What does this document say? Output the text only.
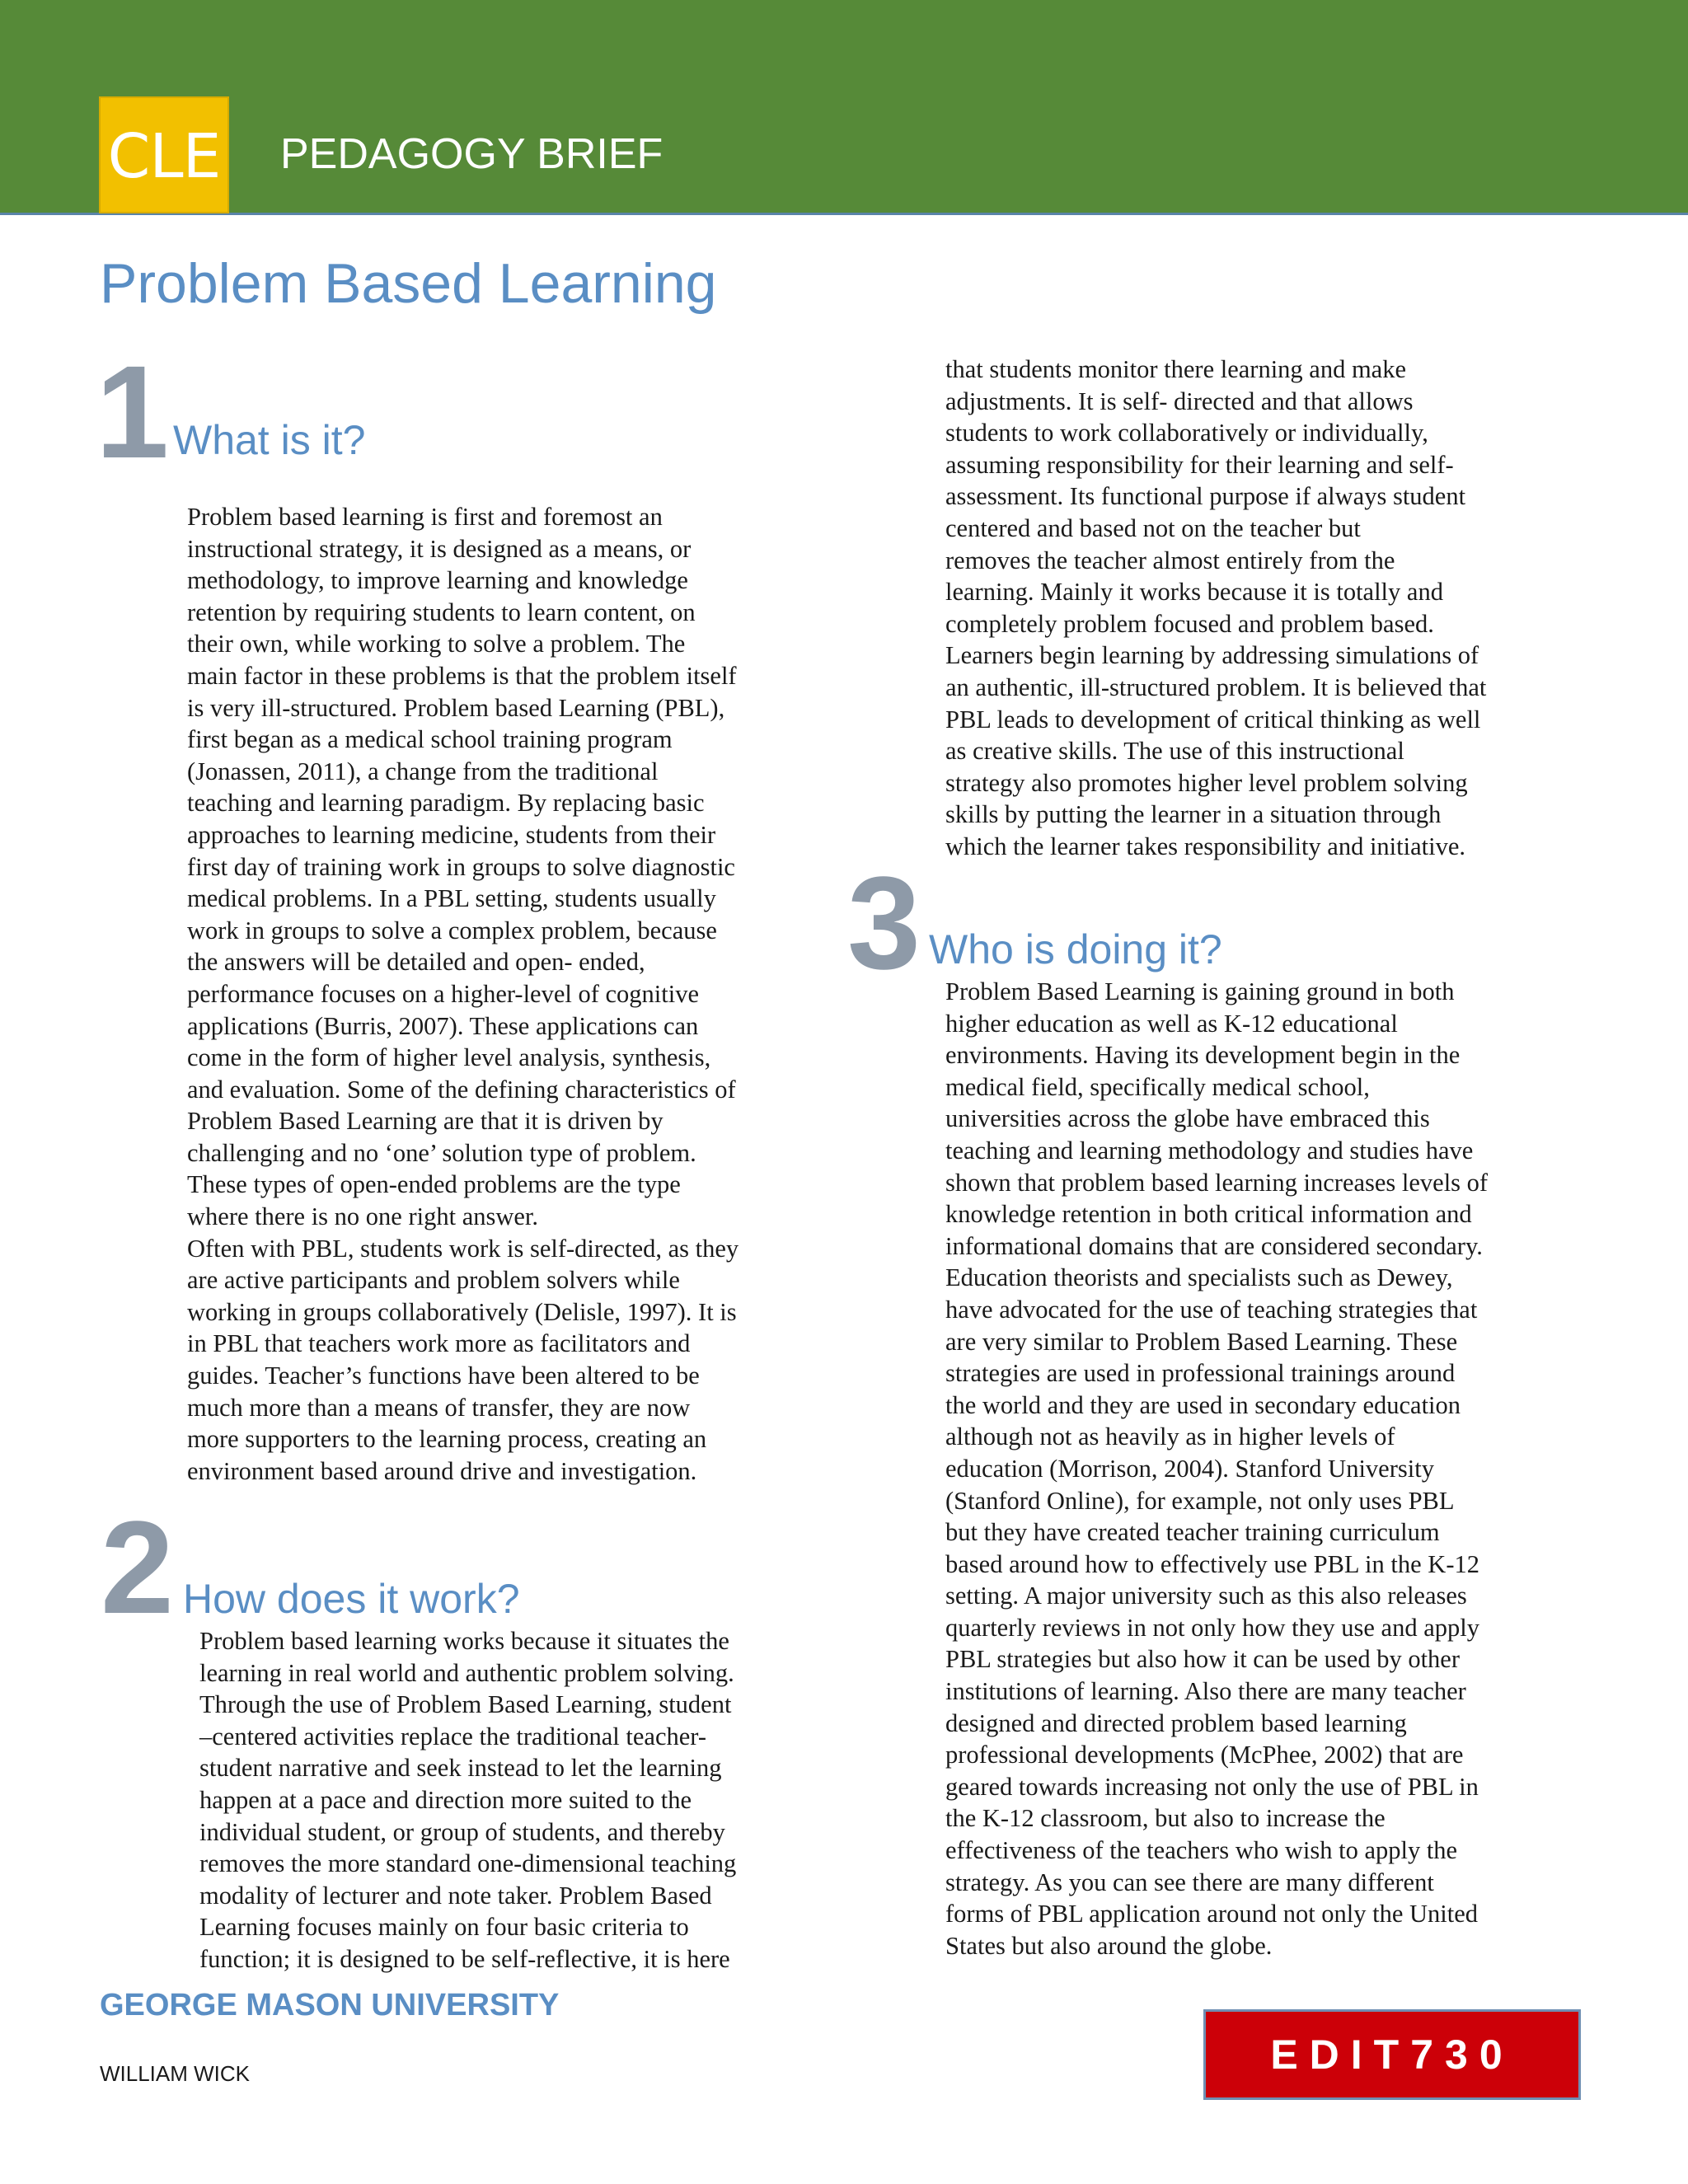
CLE PEDAGOGY BRIEF
Problem Based Learning
1 What is it?

Problem based learning is first and foremost an

instructional strategy, it is designed as a means, or

methodology, to improve learning and knowledge

retention by requiring students to learn content, on

their own, while working to solve a problem. The

main factor in these problems is that the problem itself

is very ill-structured. Problem based Learning (PBL),

first began as a medical school training program

(Jonassen, 2011), a change from the traditional

teaching and learning paradigm. By replacing basic

approaches to learning medicine, students from their

first day of training work in groups to solve diagnostic

medical problems. In a PBL setting, students usually

work in groups to solve a complex problem, because

the answers will be detailed and open- ended,

performance focuses on a higher-level of cognitive

applications (Burris, 2007). These applications can

come in the form of higher level analysis, synthesis,

and evaluation. Some of the defining characteristics of

Problem Based Learning are that it is driven by

challenging and no ‘one’ solution type of problem.

These types of open-ended problems are the type

where there is no one right answer.

Often with PBL, students work is self-directed, as they

are active participants and problem solvers while

working in groups collaboratively (Delisle, 1997). It is

in PBL that teachers work more as facilitators and

guides. Teacher’s functions have been altered to be

much more than a means of transfer, they are now

more supporters to the learning process, creating an

environment based around drive and investigation.

2 How does it work?

Problem based learning works because it situates the

learning in real world and authentic problem solving.

Through the use of Problem Based Learning, student

–centered activities replace the traditional teacher-

student narrative and seek instead to let the learning

happen at a pace and direction more suited to the

individual student, or group of students, and thereby

removes the more standard one-dimensional teaching

modality of lecturer and note taker. Problem Based

Learning focuses mainly on four basic criteria to

function; it is designed to be self-reflective, it is here

that students monitor there learning and make

adjustments. It is self- directed and that allows

students to work collaboratively or individually,

assuming responsibility for their learning and self-

assessment. Its functional purpose if always student

centered and based not on the teacher but

removes the teacher almost entirely from the

learning. Mainly it works because it is totally and

completely problem focused and problem based.

Learners begin learning by addressing simulations of

an authentic, ill-structured problem. It is believed that

PBL leads to development of critical thinking as well

as creative skills. The use of this instructional

strategy also promotes higher level problem solving

skills by putting the learner in a situation through

which the learner takes responsibility and initiative.

3 Who is doing it?

Problem Based Learning is gaining ground in both

higher education as well as K-12 educational

environments. Having its development begin in the

medical field, specifically medical school,

universities across the globe have embraced this

teaching and learning methodology and studies have

shown that problem based learning increases levels of

knowledge retention in both critical information and

informational domains that are considered secondary.

Education theorists and specialists such as Dewey,

have advocated for the use of teaching strategies that

are very similar to Problem Based Learning. These

strategies are used in professional trainings around

the world and they are used in secondary education

although not as heavily as in higher levels of

education (Morrison, 2004). Stanford University

(Stanford Online), for example, not only uses PBL

but they have created teacher training curriculum

based around how to effectively use PBL in the K-12

setting. A major university such as this also releases

quarterly reviews in not only how they use and apply

PBL strategies but also how it can be used by other

institutions of learning. Also there are many teacher

designed and directed problem based learning

professional developments (McPhee, 2002) that are

geared towards increasing not only the use of PBL in

the K-12 classroom, but also to increase the

effectiveness of the teachers who wish to apply the

strategy. As you can see there are many different

forms of PBL application around not only the United

States but also around the globe.

GEORGE MASON UNIVERSITY
WILLIAM WICK	EDIT730
